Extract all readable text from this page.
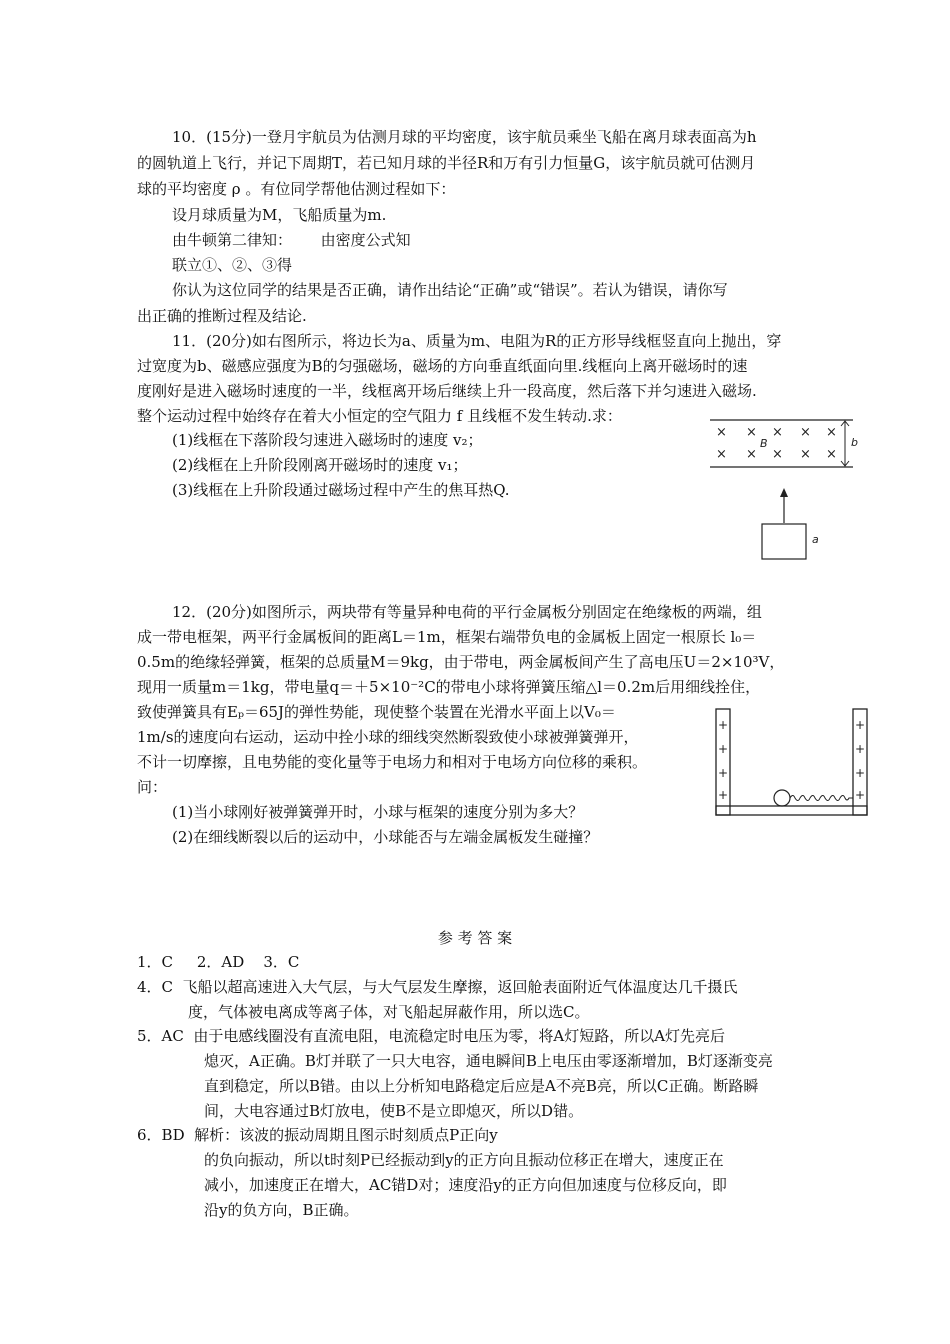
10．(15分)一登月宇航员为估测月球的平均密度，该宇航员乘坐飞船在离月球表面高为h
的圆轨道上飞行，并记下周期T，若已知月球的半径R和万有引力恒量G，该宇航员就可估测月
球的平均密度 ρ 。有位同学帮他估测过程如下：
设月球质量为M，飞船质量为m.
由牛顿第二律知：      由密度公式知
联立①、②、③得
你认为这位同学的结果是否正确，请作出结论“正确”或“错误”。若认为错误，请你写
出正确的推断过程及结论.
11．(20分)如右图所示，将边长为a、质量为m、电阻为R的正方形导线框竖直向上抛出，穿
过宽度为b、磁感应强度为B的匀强磁场，磁场的方向垂直纸面向里.线框向上离开磁场时的速
度刚好是进入磁场时速度的一半，线框离开场后继续上升一段高度，然后落下并匀速进入磁场.
整个运动过程中始终存在着大小恒定的空气阻力 f 且线框不发生转动.求：
(1)线框在下落阶段匀速进入磁场时的速度 v₂；
(2)线框在上升阶段刚离开磁场时的速度 v₁；
(3)线框在上升阶段通过磁场过程中产生的焦耳热Q.
× × × × ×
× × × × ×
B	b
a
12．(20分)如图所示，两块带有等量异种电荷的平行金属板分别固定在绝缘板的两端，组
成一带电框架，两平行金属板间的距离L＝1m，框架右端带负电的金属板上固定一根原长 l₀＝
0.5m的绝缘轻弹簧，框架的总质量M＝9kg，由于带电，两金属板间产生了高电压U＝2×10³V，
现用一质量m＝1kg，带电量q＝＋5×10⁻²C的带电小球将弹簧压缩△l＝0.2m后用细线拴住，
致使弹簧具有Eₚ＝65J的弹性势能，现使整个装置在光滑水平面上以V₀＝
1m/s的速度向右运动，运动中拴小球的细线突然断裂致使小球被弹簧弹开，
不计一切摩擦，且电势能的变化量等于电场力和相对于电场方向位移的乘积。
问：
(1)当小球刚好被弹簧弹开时，小球与框架的速度分别为多大？
(2)在细线断裂以后的运动中，小球能否与左端金属板发生碰撞？
+
+
+
+
+
+
+
+
参 考 答 案
1．C     2．AD    3．C
4．C  飞船以超高速进入大气层，与大气层发生摩擦，返回舱表面附近气体温度达几千摄氏
度，气体被电离成等离子体，对飞船起屏蔽作用，所以选C。
5．AC  由于电感线圈没有直流电阻，电流稳定时电压为零，将A灯短路，所以A灯先亮后
熄灭，A正确。B灯并联了一只大电容，通电瞬间B上电压由零逐渐增加，B灯逐渐变亮
直到稳定，所以B错。由以上分析知电路稳定后应是A不亮B亮，所以C正确。断路瞬
间，大电容通过B灯放电，使B不是立即熄灭，所以D错。
6．BD  解析：该波的振动周期且图示时刻质点P正向y
的负向振动，所以t时刻P已经振动到y的正方向且振动位移正在增大，速度正在
减小，加速度正在增大，AC错D对；速度沿y的正方向但加速度与位移反向，即
沿y的负方向，B正确。
